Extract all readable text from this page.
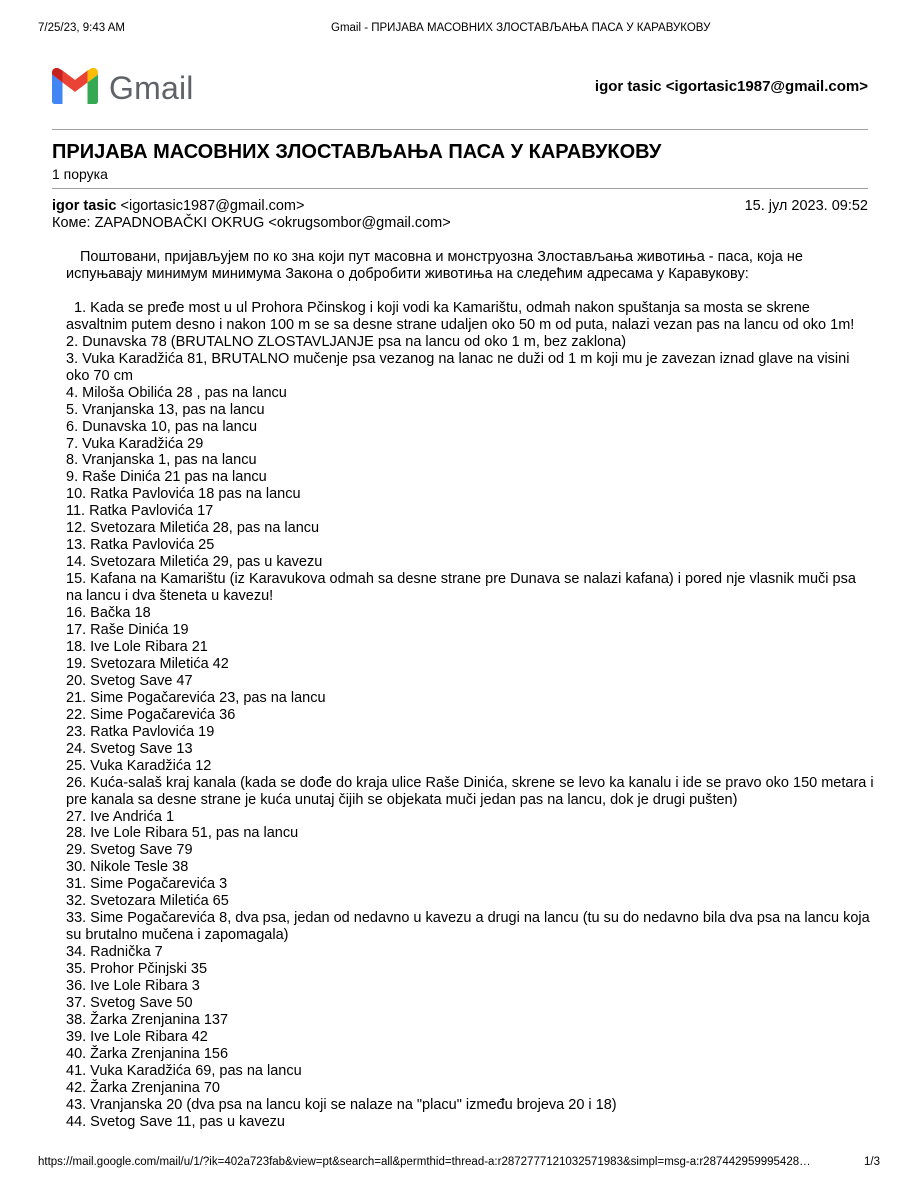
7/25/23, 9:43 AM	Gmail - ПРИЈАВА МАСОВНИХ ЗЛОСТАВЉАЊА ПАСА У КАРАВУКОВУ
Gmail	igor tasic <igortasic1987@gmail.com>
ПРИЈАВА МАСОВНИХ ЗЛОСТАВЉАЊА ПАСА У КАРАВУКОВУ
1 порука
igor tasic <igortasic1987@gmail.com>	15. јул 2023. 09:52
Коме: ZAPADNOBAČKI OKRUG <okrugsombor@gmail.com>

Поштовани, пријављујем по ко зна који пут масовна и монструозна Злостављања животиња - паса, која не испуњавају минимум минимума Закона о добробити животиња на следећим адресама у Каравукову:

1. Kada se pređe most u ul Prohora Pčinskog i koji vodi ka Kamarištu, odmah nakon spuštanja sa mosta se skrene asvaltnim putem desno i nakon 100 m se sa desne strane udaljen oko 50 m od puta, nalazi vezan pas na lancu od oko 1m!

2. Dunavska 78 (BRUTALNO ZLOSTAVLJANJE psa na lancu od oko 1 m, bez zaklona)

3. Vuka Karadžića 81, BRUTALNO mučenje psa vezanog na lanac ne duži od 1 m koji mu je zavezan iznad glave na visini oko 70 cm

4. Miloša Obilića 28 , pas na lancu

5. Vranjanska 13, pas na lancu

6. Dunavska 10, pas na lancu

7. Vuka Karadžića 29

8. Vranjanska 1, pas na lancu

9. Raše Dinića 21 pas na lancu

10. Ratka Pavlovića 18 pas na lancu

11. Ratka Pavlovića 17

12. Svetozara Miletića 28, pas na lancu

13. Ratka Pavlovića 25

14. Svetozara Miletića 29, pas u kavezu

15. Kafana na Kamarištu (iz Karavukova odmah sa desne strane pre Dunava se nalazi kafana) i pored nje vlasnik muči psa na lancu i dva šteneta u kavezu!

16. Bačka 18

17. Raše Dinića 19

18. Ive Lole Ribara 21

19. Svetozara Miletića 42

20. Svetog Save 47

21. Sime Pogačarevića 23, pas na lancu

22. Sime Pogačarevića 36

23. Ratka Pavlovića 19

24. Svetog Save 13

25. Vuka Karadžića 12

26. Kuća-salaš kraj kanala (kada se dođe do kraja ulice Raše Dinića, skrene se levo ka kanalu i ide se pravo oko 150 metara i pre kanala sa desne strane je kuća unutaj čijih se objekata muči jedan pas na lancu, dok je drugi pušten)

27. Ive Andrića 1

28. Ive Lole Ribara 51, pas na lancu

29. Svetog Save 79

30. Nikole Tesle 38

31. Sime Pogačarevića 3

32. Svetozara Miletića 65

33. Sime Pogačarevića 8, dva psa, jedan od nedavno u kavezu a drugi na lancu (tu su do nedavno bila dva psa na lancu koja su brutalno mučena i zapomagala)

34. Radnička 7

35. Prohor Pčinjski 35

36. Ive Lole Ribara 3

37. Svetog Save 50

38. Žarka Zrenjanina 137

39. Ive Lole Ribara 42

40. Žarka Zrenjanina 156

41. Vuka Karadžića 69, pas na lancu

42. Žarka Zrenjanina 70

43. Vranjanska 20 (dva psa na lancu koji se nalaze na "placu" između brojeva 20 i 18)

44. Svetog Save 11, pas u kavezu

https://mail.google.com/mail/u/1/?ik=402a723fab&view=pt&search=all&permthid=thread-a:r2872777121032571983&simpl=msg-a:r287442959995428…	1/3
